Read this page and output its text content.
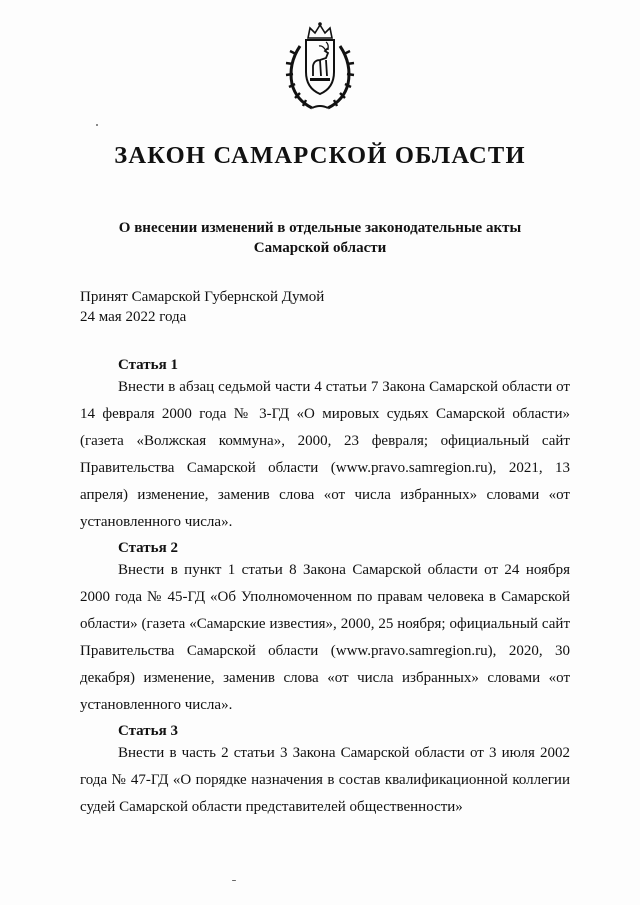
ЗАКОН САМАРСКОЙ ОБЛАСТИ
О внесении изменений в отдельные законодательные акты
Самарской области
Принят Самарской Губернской Думой
24 мая 2022 года
Статья 1

Внести в абзац седьмой части 4 статьи 7 Закона Самарской области от 14 февраля 2000 года № 3-ГД «О мировых судьях Самарской области» (газета «Волжская коммуна», 2000, 23 февраля; официальный сайт Правительства Самарской области (www.pravo.samregion.ru), 2021, 13 апреля) изменение, заменив слова «от числа избранных» словами «от установленного числа».

Статья 2

Внести в пункт 1 статьи 8 Закона Самарской области от 24 ноября 2000 года № 45-ГД «Об Уполномоченном по правам человека в Самарской области» (газета «Самарские известия», 2000, 25 ноября; официальный сайт Правительства Самарской области (www.pravo.samregion.ru), 2020, 30 декабря) изменение, заменив слова «от числа избранных» словами «от установленного числа».

Статья 3

Внести в часть 2 статьи 3 Закона Самарской области от 3 июля 2002 года № 47-ГД «О порядке назначения в состав квалификационной коллегии судей Самарской области представителей общественности»
